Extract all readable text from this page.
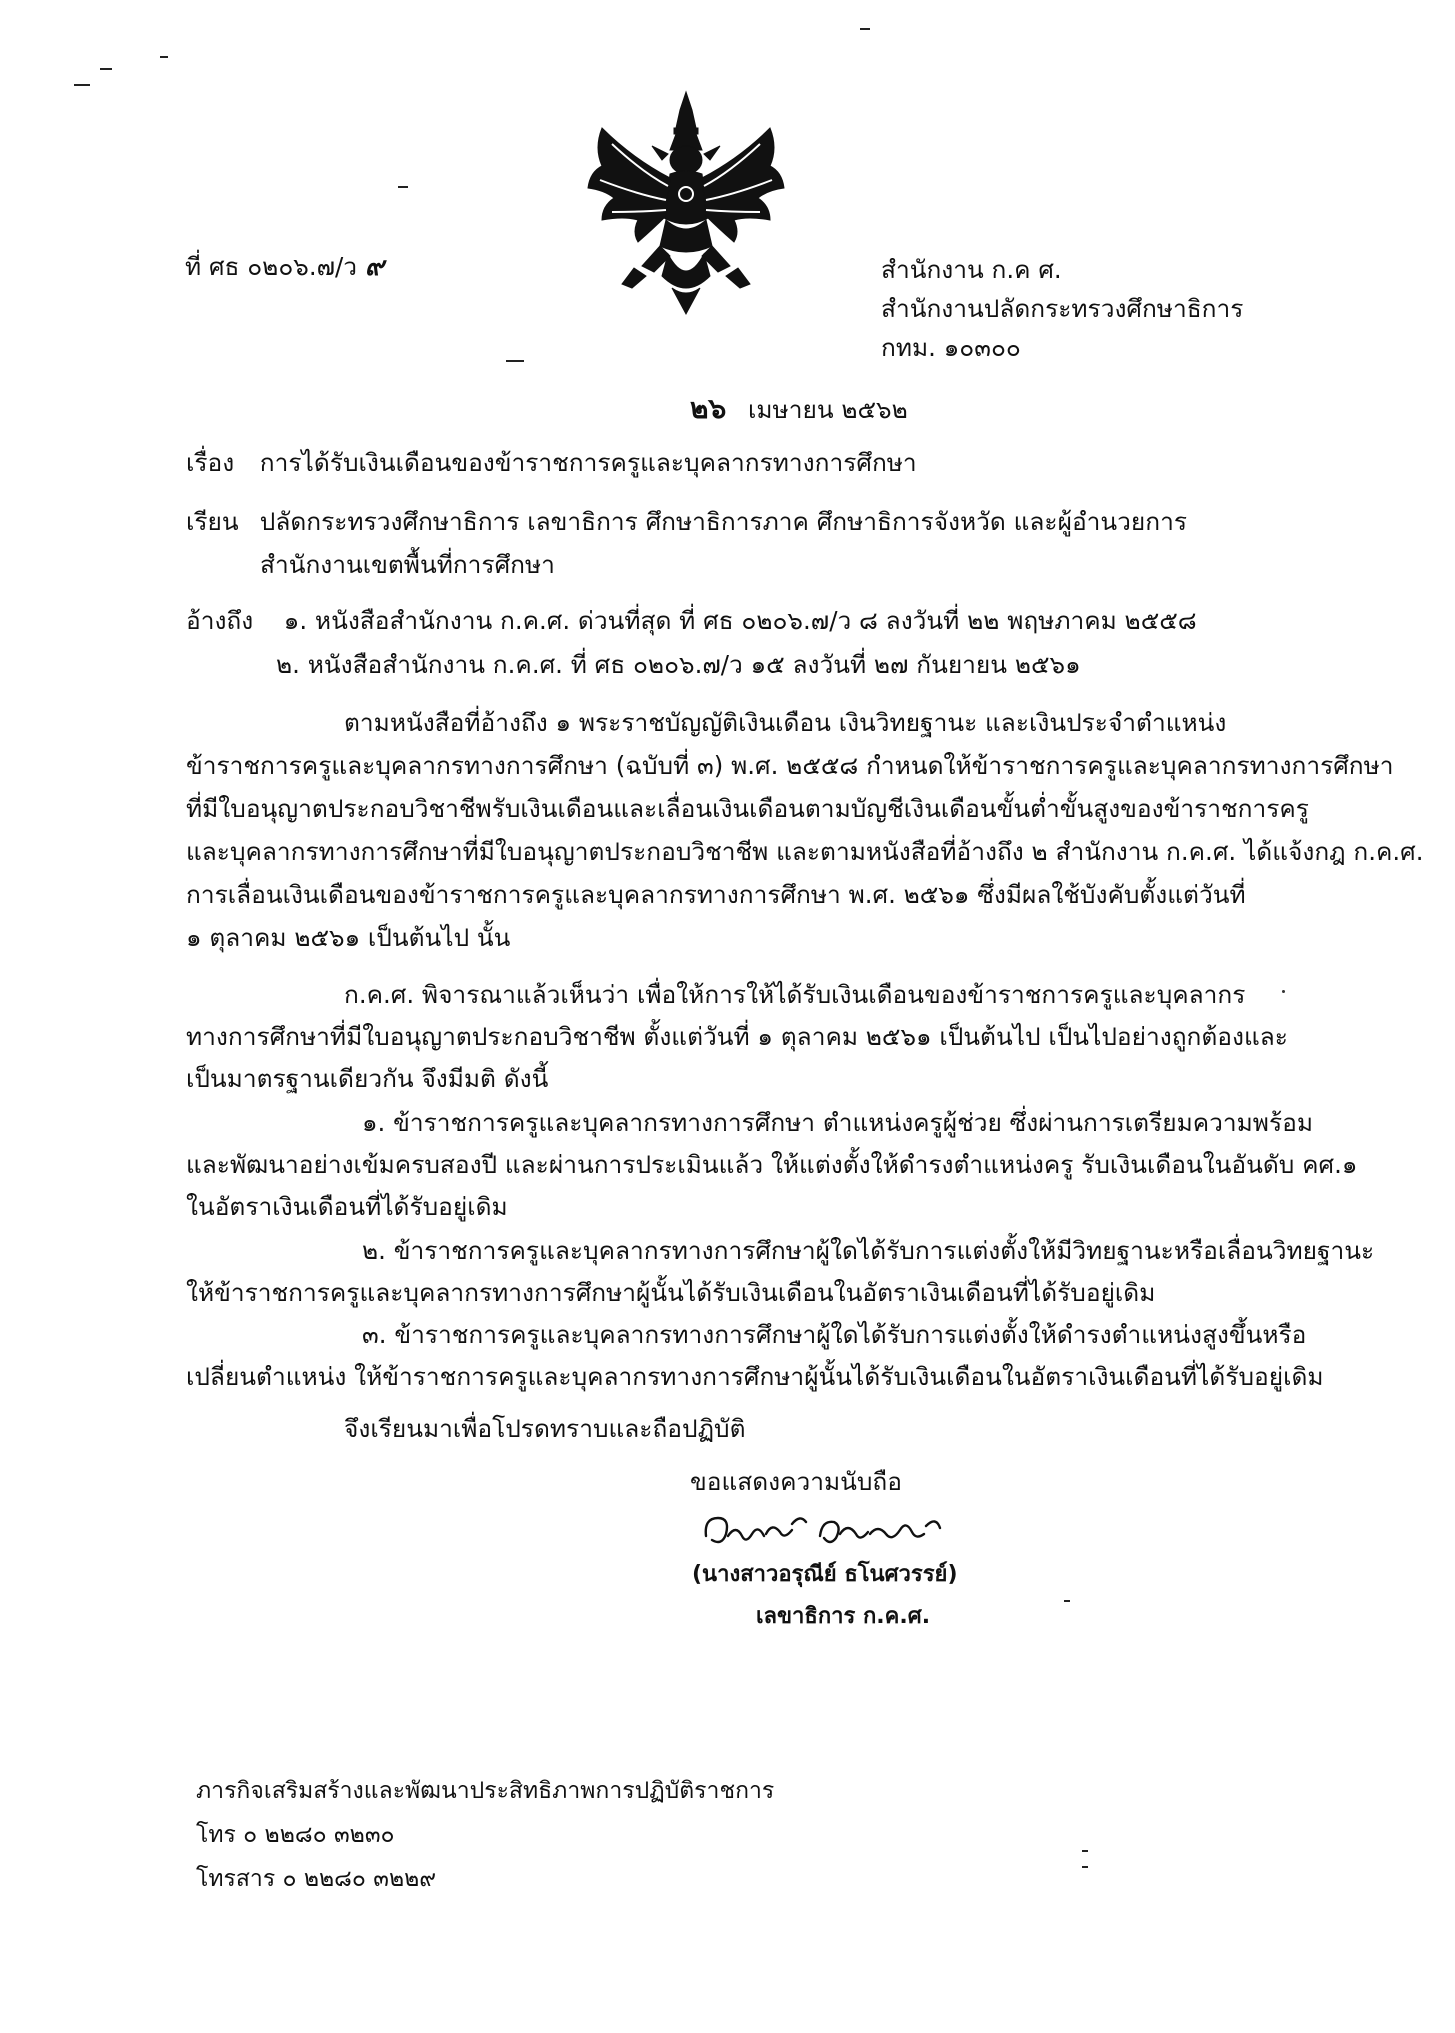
ที่ ศธ ๐๒๐๖.๗/ว ๙	สำนักงาน ก.ค ศ.
สำนักงานปลัดกระทรวงศึกษาธิการ
กทม. ๑๐๓๐๐
๒๖ เมษายน ๒๕๖๒
เรื่อง การได้รับเงินเดือนของข้าราชการครูและบุคลากรทางการศึกษา
เรียน ปลัดกระทรวงศึกษาธิการ เลขาธิการ ศึกษาธิการภาค ศึกษาธิการจังหวัด และผู้อำนวยการ
สำนักงานเขตพื้นที่การศึกษา
อ้างถึง ๑. หนังสือสำนักงาน ก.ค.ศ. ด่วนที่สุด ที่ ศธ ๐๒๐๖.๗/ว ๘ ลงวันที่ ๒๒ พฤษภาคม ๒๕๕๘
๒. หนังสือสำนักงาน ก.ค.ศ. ที่ ศธ ๐๒๐๖.๗/ว ๑๕ ลงวันที่ ๒๗ กันยายน ๒๕๖๑
ตามหนังสือที่อ้างถึง ๑ พระราชบัญญัติเงินเดือน เงินวิทยฐานะ และเงินประจำตำแหน่ง
ข้าราชการครูและบุคลากรทางการศึกษา (ฉบับที่ ๓) พ.ศ. ๒๕๕๘ กำหนดให้ข้าราชการครูและบุคลากรทางการศึกษา
ที่มีใบอนุญาตประกอบวิชาชีพรับเงินเดือนและเลื่อนเงินเดือนตามบัญชีเงินเดือนขั้นต่ำขั้นสูงของข้าราชการครู
และบุคลากรทางการศึกษาที่มีใบอนุญาตประกอบวิชาชีพ และตามหนังสือที่อ้างถึง ๒ สำนักงาน ก.ค.ศ. ได้แจ้งกฎ ก.ค.ศ.
การเลื่อนเงินเดือนของข้าราชการครูและบุคลากรทางการศึกษา พ.ศ. ๒๕๖๑ ซึ่งมีผลใช้บังคับตั้งแต่วันที่
๑ ตุลาคม ๒๕๖๑ เป็นต้นไป นั้น
ก.ค.ศ. พิจารณาแล้วเห็นว่า เพื่อให้การให้ได้รับเงินเดือนของข้าราชการครูและบุคลากร
ทางการศึกษาที่มีใบอนุญาตประกอบวิชาชีพ ตั้งแต่วันที่ ๑ ตุลาคม ๒๕๖๑ เป็นต้นไป เป็นไปอย่างถูกต้องและ
เป็นมาตรฐานเดียวกัน จึงมีมติ ดังนี้
๑. ข้าราชการครูและบุคลากรทางการศึกษา ตำแหน่งครูผู้ช่วย ซึ่งผ่านการเตรียมความพร้อม
และพัฒนาอย่างเข้มครบสองปี และผ่านการประเมินแล้ว ให้แต่งตั้งให้ดำรงตำแหน่งครู รับเงินเดือนในอันดับ คศ.๑
ในอัตราเงินเดือนที่ได้รับอยู่เดิม
๒. ข้าราชการครูและบุคลากรทางการศึกษาผู้ใดได้รับการแต่งตั้งให้มีวิทยฐานะหรือเลื่อนวิทยฐานะ
ให้ข้าราชการครูและบุคลากรทางการศึกษาผู้นั้นได้รับเงินเดือนในอัตราเงินเดือนที่ได้รับอยู่เดิม
๓. ข้าราชการครูและบุคลากรทางการศึกษาผู้ใดได้รับการแต่งตั้งให้ดำรงตำแหน่งสูงขึ้นหรือ
เปลี่ยนตำแหน่ง ให้ข้าราชการครูและบุคลากรทางการศึกษาผู้นั้นได้รับเงินเดือนในอัตราเงินเดือนที่ได้รับอยู่เดิม
จึงเรียนมาเพื่อโปรดทราบและถือปฏิบัติ
ขอแสดงความนับถือ
(นางสาวอรุณีย์ ธโนศวรรย์)
เลขาธิการ ก.ค.ศ.
ภารกิจเสริมสร้างและพัฒนาประสิทธิภาพการปฏิบัติราชการ
โทร ๐ ๒๒๘๐ ๓๒๓๐
โทรสาร ๐ ๒๒๘๐ ๓๒๒๙
